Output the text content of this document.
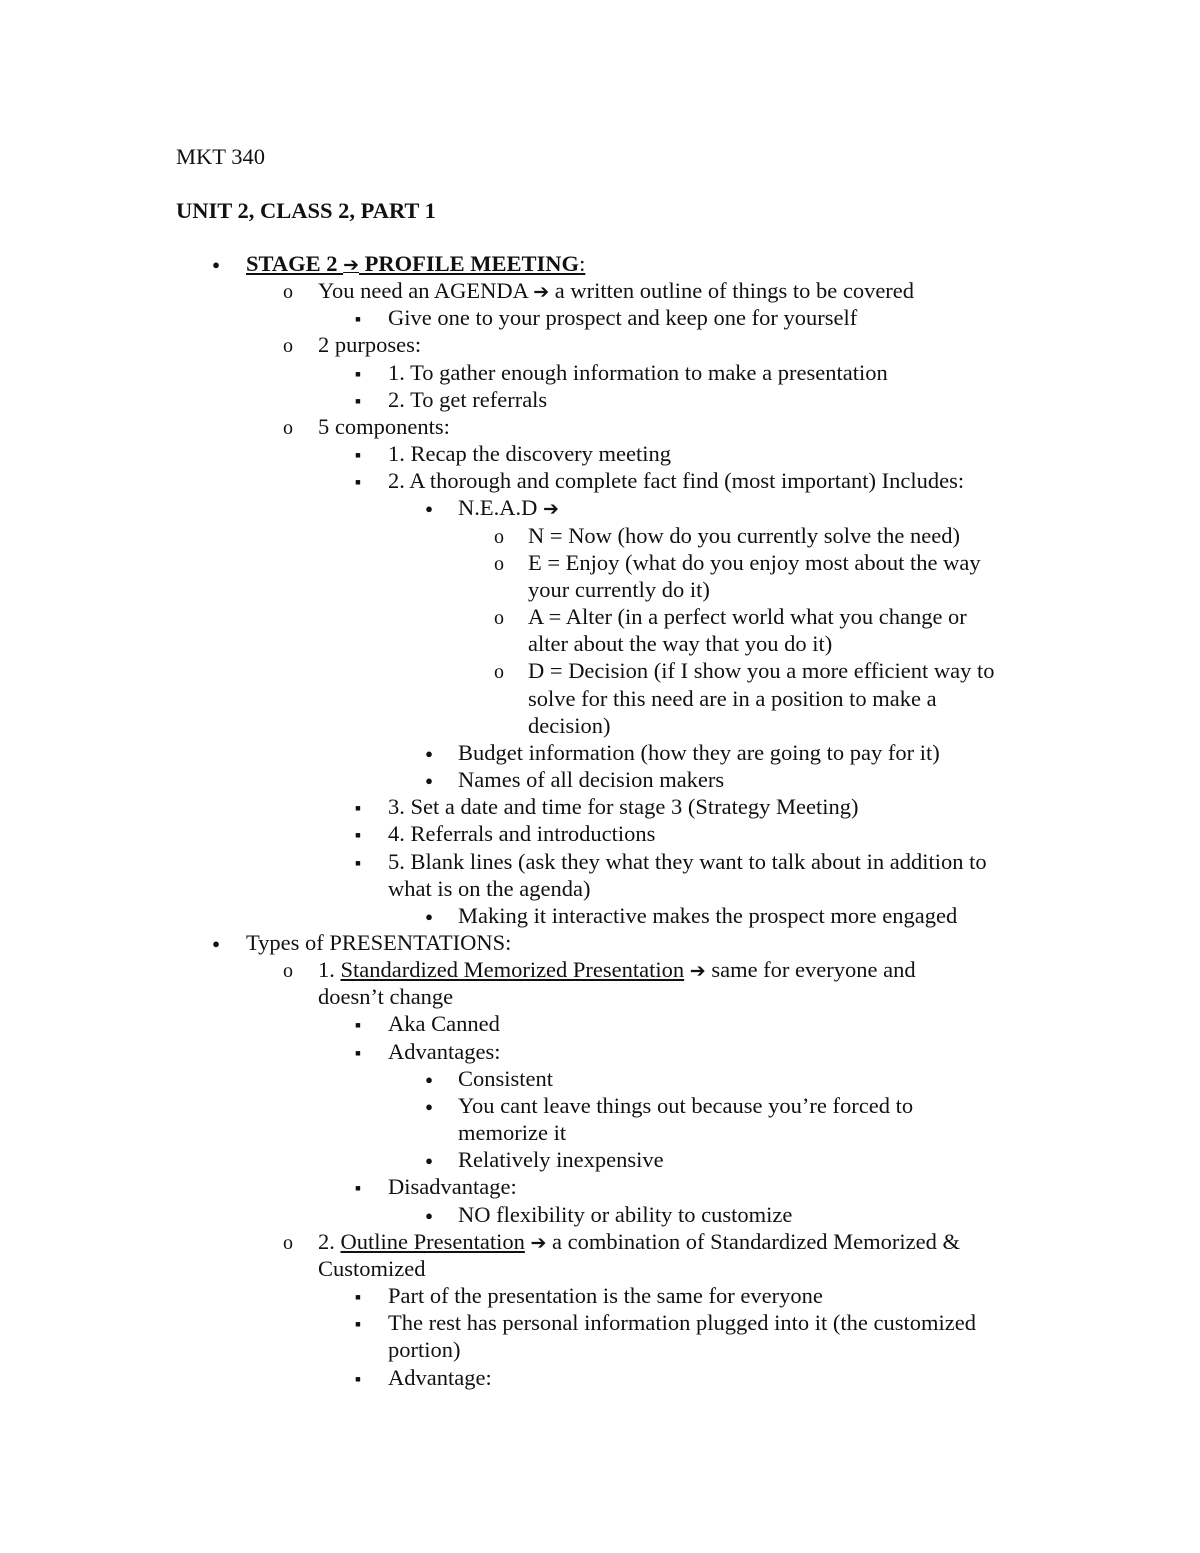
MKT 340
UNIT 2, CLASS 2, PART 1
●
STAGE 2 ➔ PROFILE MEETING:
o
You need an AGENDA ➔ a written outline of things to be covered
▪
Give one to your prospect and keep one for yourself
o
2 purposes:
▪
1. To gather enough information to make a presentation
▪
2. To get referrals
o
5 components:
▪
1. Recap the discovery meeting
▪
2. A thorough and complete fact find (most important) Includes:
●
N.E.A.D ➔
o
N = Now (how do you currently solve the need)
o
E = Enjoy (what do you enjoy most about the way
your currently do it)
o
A = Alter (in a perfect world what you change or
alter about the way that you do it)
o
D = Decision (if I show you a more efficient way to
solve for this need are in a position to make a
decision)
●
Budget information (how they are going to pay for it)
●
Names of all decision makers
▪
3. Set a date and time for stage 3 (Strategy Meeting)
▪
4. Referrals and introductions
▪
5. Blank lines (ask they what they want to talk about in addition to
what is on the agenda)
●
Making it interactive makes the prospect more engaged
●
Types of PRESENTATIONS:
o
1. Standardized Memorized Presentation ➔ same for everyone and
doesn’t change
▪
Aka Canned
▪
Advantages:
●
Consistent
●
You cant leave things out because you’re forced to
memorize it
●
Relatively inexpensive
▪
Disadvantage:
●
NO flexibility or ability to customize
o
2. Outline Presentation ➔ a combination of Standardized Memorized &
Customized
▪
Part of the presentation is the same for everyone
▪
The rest has personal information plugged into it (the customized
portion)
▪
Advantage:
